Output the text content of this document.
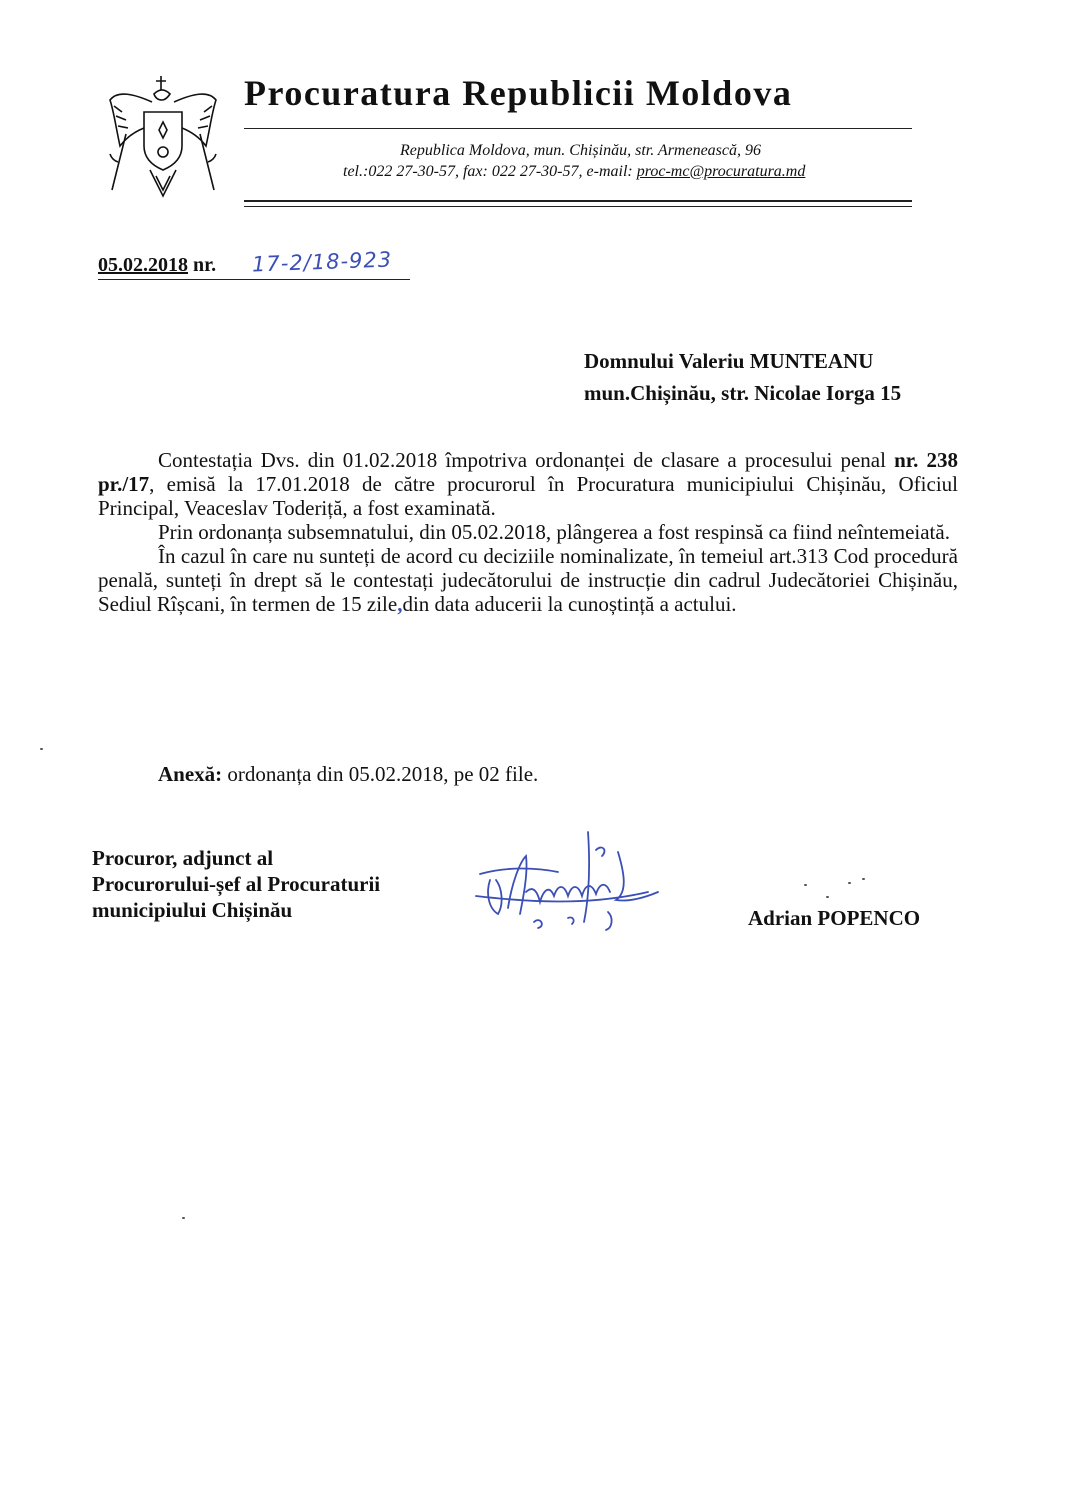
Procuratura Republicii Moldova
Republica Moldova, mun. Chișinău, str. Armenească, 96
tel.:022 27-30-57, fax: 022 27-30-57, e-mail: proc-mc@procuratura.md
05.02.2018 nr. 17-2/18-923
Domnului Valeriu MUNTEANU
mun.Chișinău, str. Nicolae Iorga 15

Contestația Dvs. din 01.02.2018 împotriva ordonanței de clasare a procesului penal nr. 238 pr./17, emisă la 17.01.2018 de către procurorul în Procuratura municipiului Chișinău, Oficiul Principal, Veaceslav Toderiță, a fost examinată.

Prin ordonanța subsemnatului, din 05.02.2018, plângerea a fost respinsă ca fiind neîntemeiată.

În cazul în care nu sunteți de acord cu deciziile nominalizate, în temeiul art.313 Cod procedură penală, sunteți în drept să le contestați judecătorului de instrucție din cadrul Judecătoriei Chișinău, Sediul Rîșcani, în termen de 15 zile,din data aducerii la cunoștință a actului.

Anexă: ordonanța din 05.02.2018, pe 02 file.
Procuror, adjunct al
Procurorului-șef al Procuraturii
municipiului Chișinău	Adrian POPENCO
